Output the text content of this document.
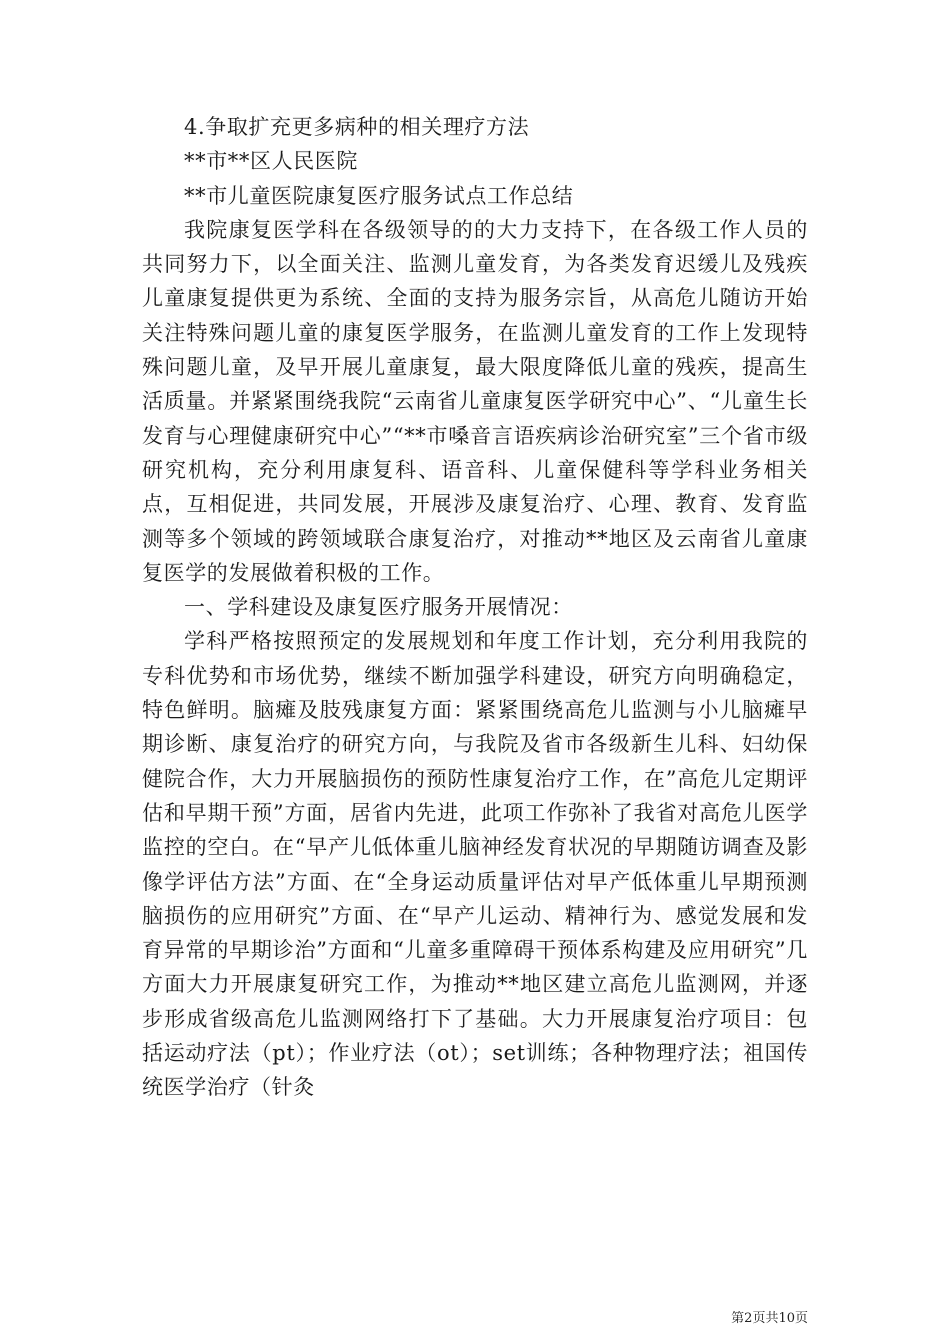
4.争取扩充更多病种的相关理疗方法

**市**区人民医院

**市儿童医院康复医疗服务试点工作总结

我院康复医学科在各级领导的的大力支持下，在各级工作人员的共同努力下，以全面关注、监测儿童发育，为各类发育迟缓儿及残疾儿童康复提供更为系统、全面的支持为服务宗旨，从高危儿随访开始关注特殊问题儿童的康复医学服务，在监测儿童发育的工作上发现特殊问题儿童，及早开展儿童康复，最大限度降低儿童的残疾，提高生活质量。并紧紧围绕我院“云南省儿童康复医学研究中心”、“儿童生长发育与心理健康研究中心”“**市嗓音言语疾病诊治研究室”三个省市级研究机构，充分利用康复科、语音科、儿童保健科等学科业务相关点，互相促进，共同发展，开展涉及康复治疗、心理、教育、发育监测等多个领域的跨领域联合康复治疗，对推动**地区及云南省儿童康复医学的发展做着积极的工作。

一、学科建设及康复医疗服务开展情况：

学科严格按照预定的发展规划和年度工作计划，充分利用我院的专科优势和市场优势，继续不断加强学科建设，研究方向明确稳定，特色鲜明。脑瘫及肢残康复方面：紧紧围绕高危儿监测与小儿脑瘫早期诊断、康复治疗的研究方向，与我院及省市各级新生儿科、妇幼保健院合作，大力开展脑损伤的预防性康复治疗工作，在”高危儿定期评估和早期干预”方面，居省内先进，此项工作弥补了我省对高危儿医学监控的空白。在“早产儿低体重儿脑神经发育状况的早期随访调查及影像学评估方法”方面、在“全身运动质量评估对早产低体重儿早期预测脑损伤的应用研究”方面、在“早产儿运动、精神行为、感觉发展和发育异常的早期诊治”方面和“儿童多重障碍干预体系构建及应用研究”几方面大力开展康复研究工作，为推动**地区建立高危儿监测网，并逐步形成省级高危儿监测网络打下了基础。大力开展康复治疗项目：包括运动疗法（pt）；作业疗法（ot）；set训练；各种物理疗法；祖国传统医学治疗（针灸

第2页共10页
